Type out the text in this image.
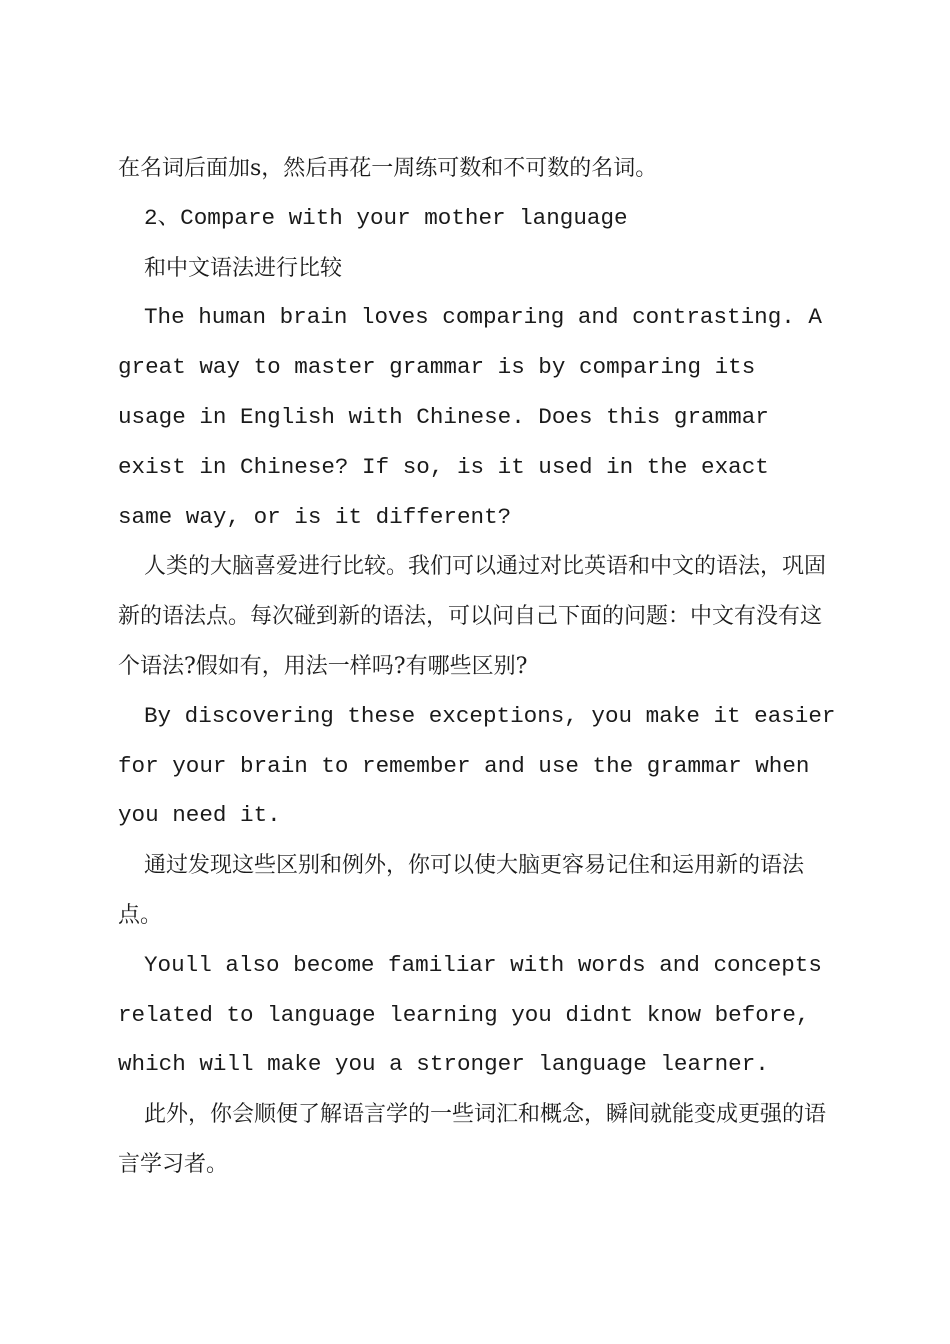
在名词后面加s，然后再花一周练可数和不可数的名词。

2、Compare with your mother language

和中文语法进行比较

The human brain loves comparing and contrasting. A great way to master grammar is by comparing its usage in English with Chinese. Does this grammar exist in Chinese? If so, is it used in the exact same way, or is it different?

人类的大脑喜爱进行比较。我们可以通过对比英语和中文的语法，巩固新的语法点。每次碰到新的语法，可以问自己下面的问题：中文有没有这个语法?假如有，用法一样吗?有哪些区别?

By discovering these exceptions, you make it easier for your brain to remember and use the grammar when you need it.

通过发现这些区别和例外，你可以使大脑更容易记住和运用新的语法点。

Youll also become familiar with words and concepts related to language learning you didnt know before, which will make you a stronger language learner.

此外，你会顺便了解语言学的一些词汇和概念，瞬间就能变成更强的语言学习者。
